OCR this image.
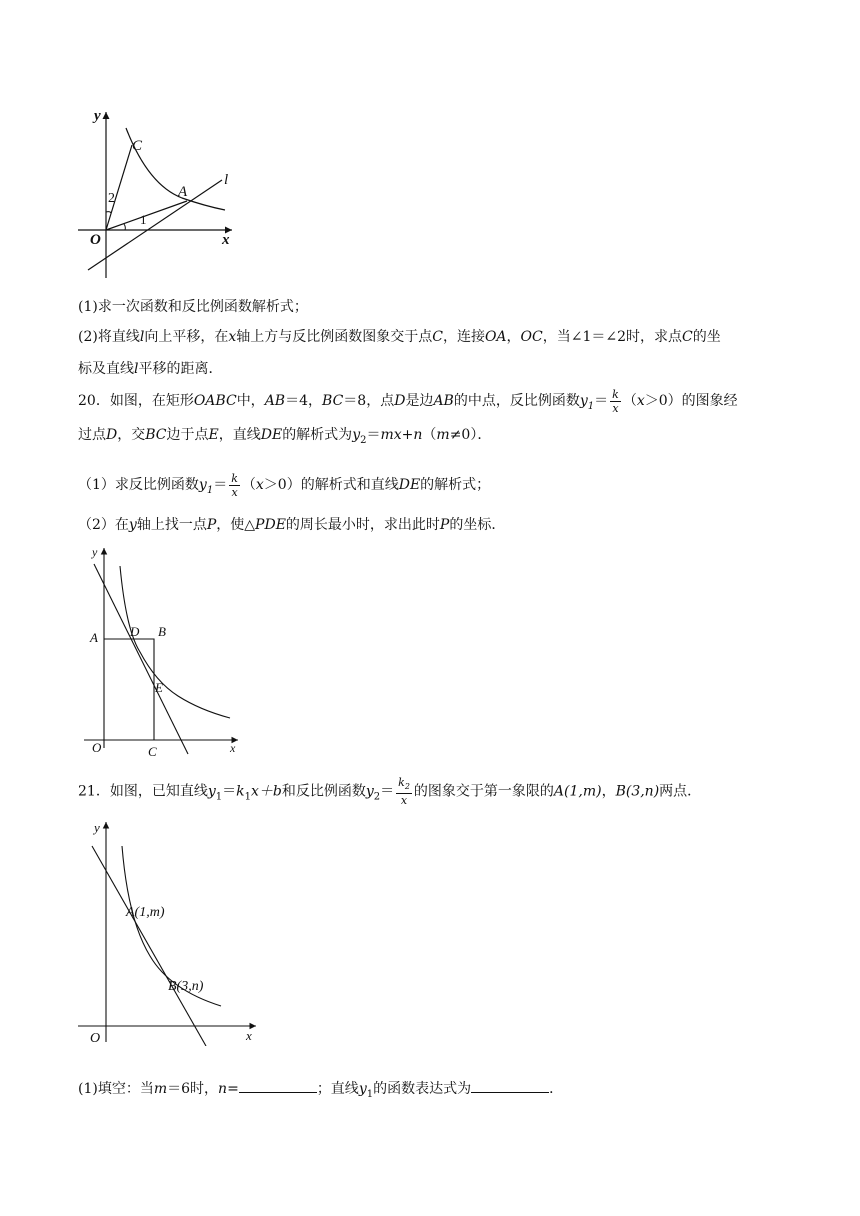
y
x
O
C
A
l
2
1
(1)求一次函数和反比例函数解析式；
(2)将直线l向上平移，在x轴上方与反比例函数图象交于点C，连接OA，OC，当∠1＝∠2时，求点C的坐
标及直线l平移的距离．
20．如图，在矩形OABC中，AB＝4，BC＝8，点D是边AB的中点，反比例函数$y_1= \frac{k}{x} (x>0)$的图象经
过点D，交BC边于点E，直线DE的解析式为$y_2=mx+n(m\ne 0)$．
（1）求反比例函数$y_1= \frac{k}{x} (x>0)$的解析式和直线DE的解析式；
（2）在y轴上找一点P，使△PDE的周长最小时，求出此时P的坐标．
y
x
O
A D B
E
C
21．如图，已知直线$y_1=k_1x+b$和反比例函数$y_2= \frac{k_2}{x}$ 的图象交于第一象限的A(1,m)，B(3,n)两点．
y
x
O
A(1,m)
B(3,n)
(1)填空：当m＝6时，n=	；直线$y_1$的函数表达式为	．
